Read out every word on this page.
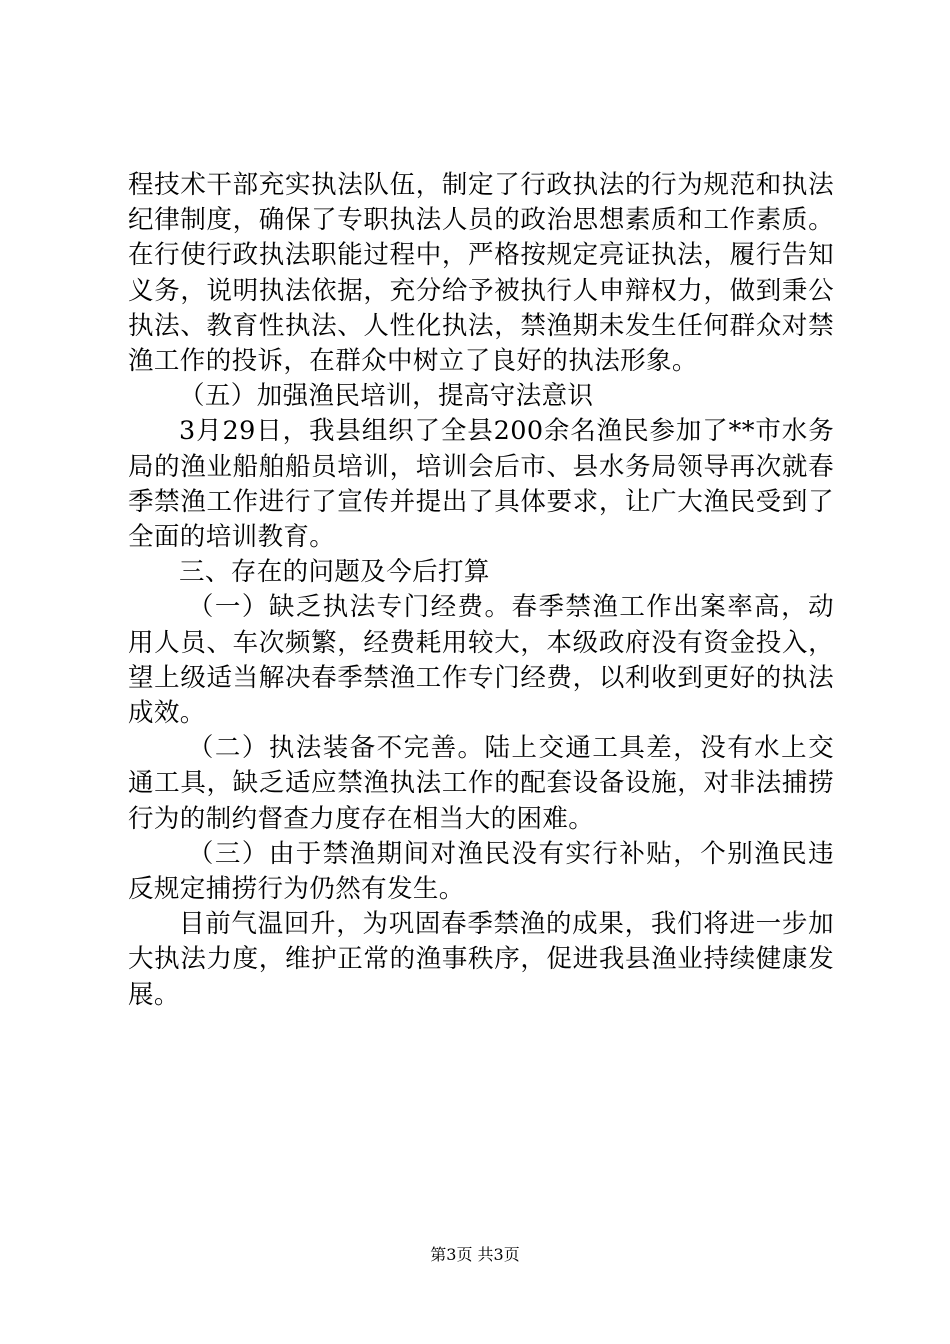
程技术干部充实执法队伍，制定了行政执法的行为规范和执法纪律制度，确保了专职执法人员的政治思想素质和工作素质。在行使行政执法职能过程中，严格按规定亮证执法，履行告知义务，说明执法依据，充分给予被执行人申辩权力，做到秉公执法、教育性执法、人性化执法，禁渔期未发生任何群众对禁渔工作的投诉，在群众中树立了良好的执法形象。

（五）加强渔民培训，提高守法意识

3月29日，我县组织了全县200余名渔民参加了**市水务局的渔业船舶船员培训，培训会后市、县水务局领导再次就春季禁渔工作进行了宣传并提出了具体要求，让广大渔民受到了全面的培训教育。

三、存在的问题及今后打算

（一）缺乏执法专门经费。春季禁渔工作出案率高，动用人员、车次频繁，经费耗用较大，本级政府没有资金投入，望上级适当解决春季禁渔工作专门经费，以利收到更好的执法成效。

（二）执法装备不完善。陆上交通工具差，没有水上交通工具，缺乏适应禁渔执法工作的配套设备设施，对非法捕捞行为的制约督查力度存在相当大的困难。

（三）由于禁渔期间对渔民没有实行补贴，个别渔民违反规定捕捞行为仍然有发生。

目前气温回升，为巩固春季禁渔的成果，我们将进一步加大执法力度，维护正常的渔事秩序，促进我县渔业持续健康发展。

第3页 共3页
